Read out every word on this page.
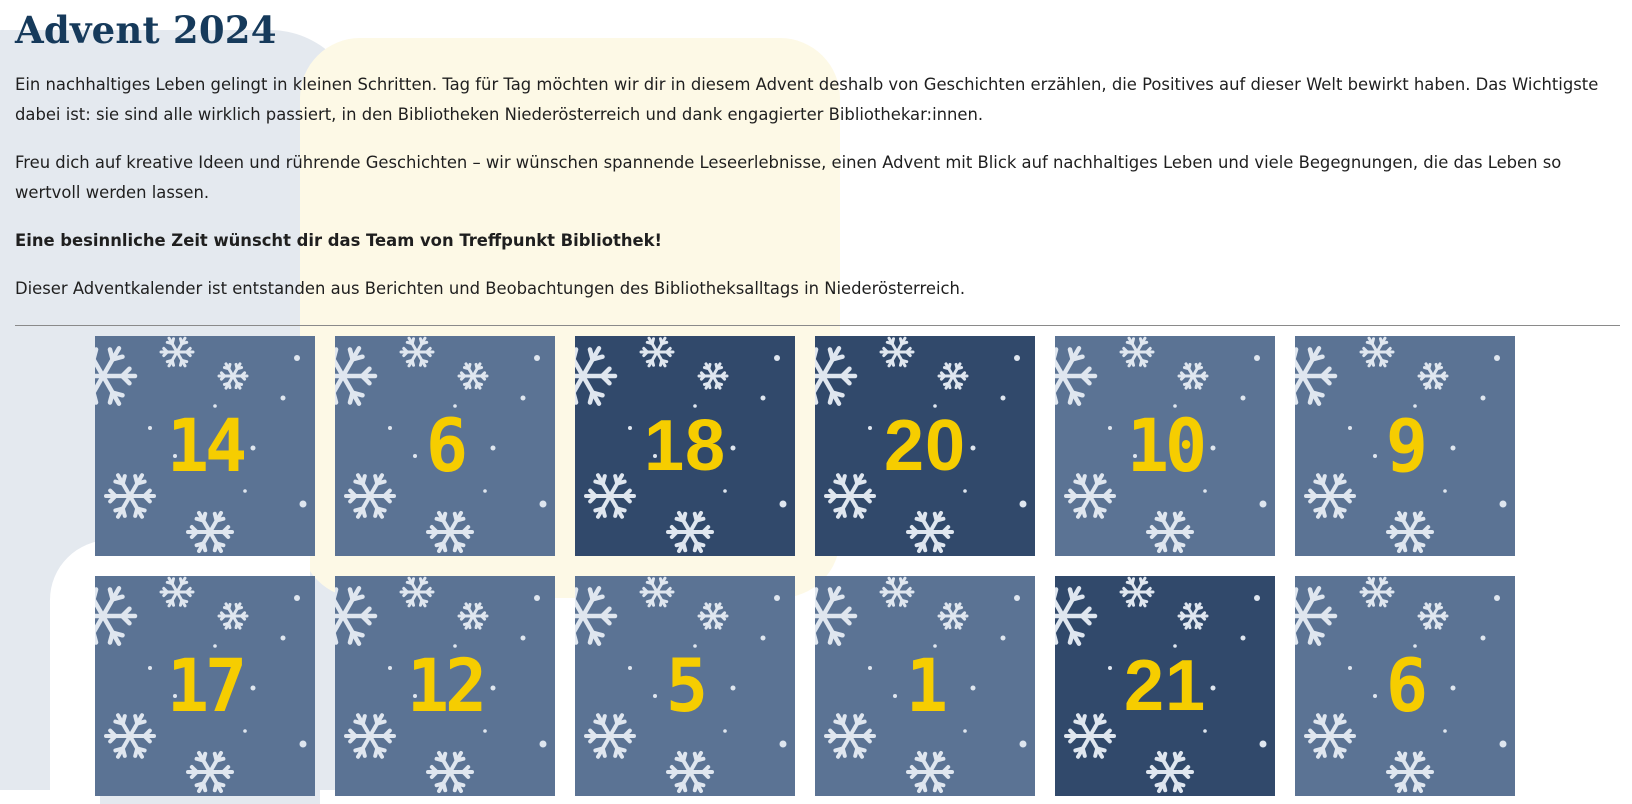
Advent 2024

Ein nachhaltiges Leben gelingt in kleinen Schritten. Tag für Tag möchten wir dir in diesem Advent deshalb von Geschichten erzählen, die Positives auf dieser Welt bewirkt haben. Das Wichtigste dabei ist: sie sind alle wirklich passiert, in den Bibliotheken Niederösterreich und dank engagierter Bibliothekar:innen.

Freu dich auf kreative Ideen und rührende Geschichten – wir wünschen spannende Leseerlebnisse, einen Advent mit Blick auf nachhaltiges Leben und viele Begegnungen, die das Leben so wertvoll werden lassen.

Eine besinnliche Zeit wünscht dir das Team von Treffpunkt Bibliothek!

Dieser Adventkalender ist entstanden aus Berichten und Beobachtungen des Bibliotheksalltags in Niederösterreich.

14	6	18	20	10	9
17	12	5	1	21	6
